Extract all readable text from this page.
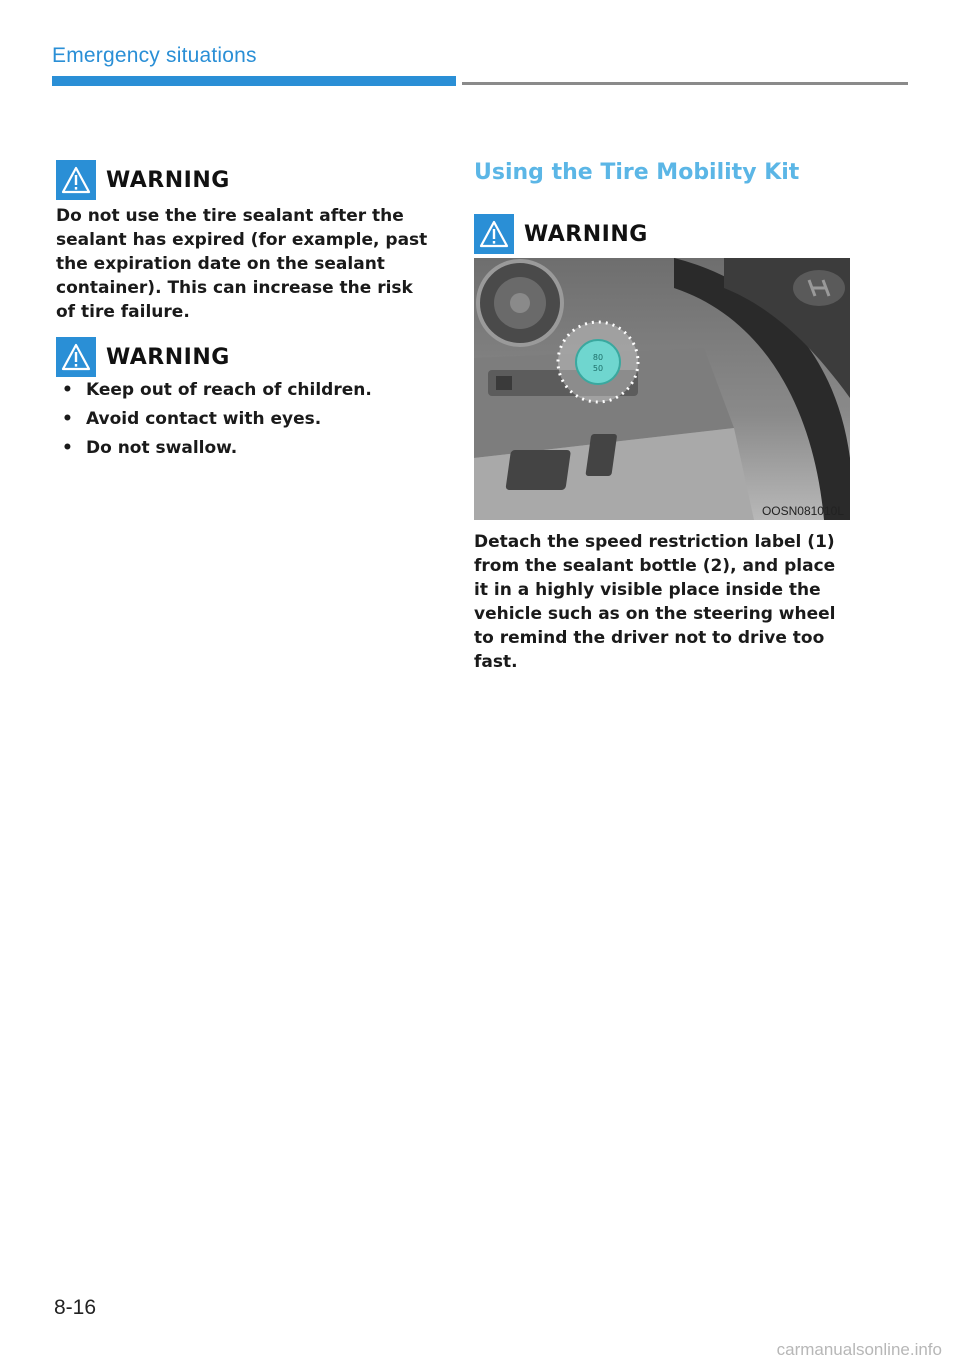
Emergency situations
WARNING
Do not use the tire sealant after the sealant has expired (for example, past the expiration date on the sealant container). This can increase the risk of tire failure.
WARNING
• Keep out of reach of children.
• Avoid contact with eyes.
• Do not swallow.
Using the Tire Mobility Kit
WARNING
80
50
OOSN081010L
Detach the speed restriction label (1) from the sealant bottle (2), and place it in a highly visible place inside the vehicle such as on the steering wheel to remind the driver not to drive too fast.
8-16
carmanualsonline.info
